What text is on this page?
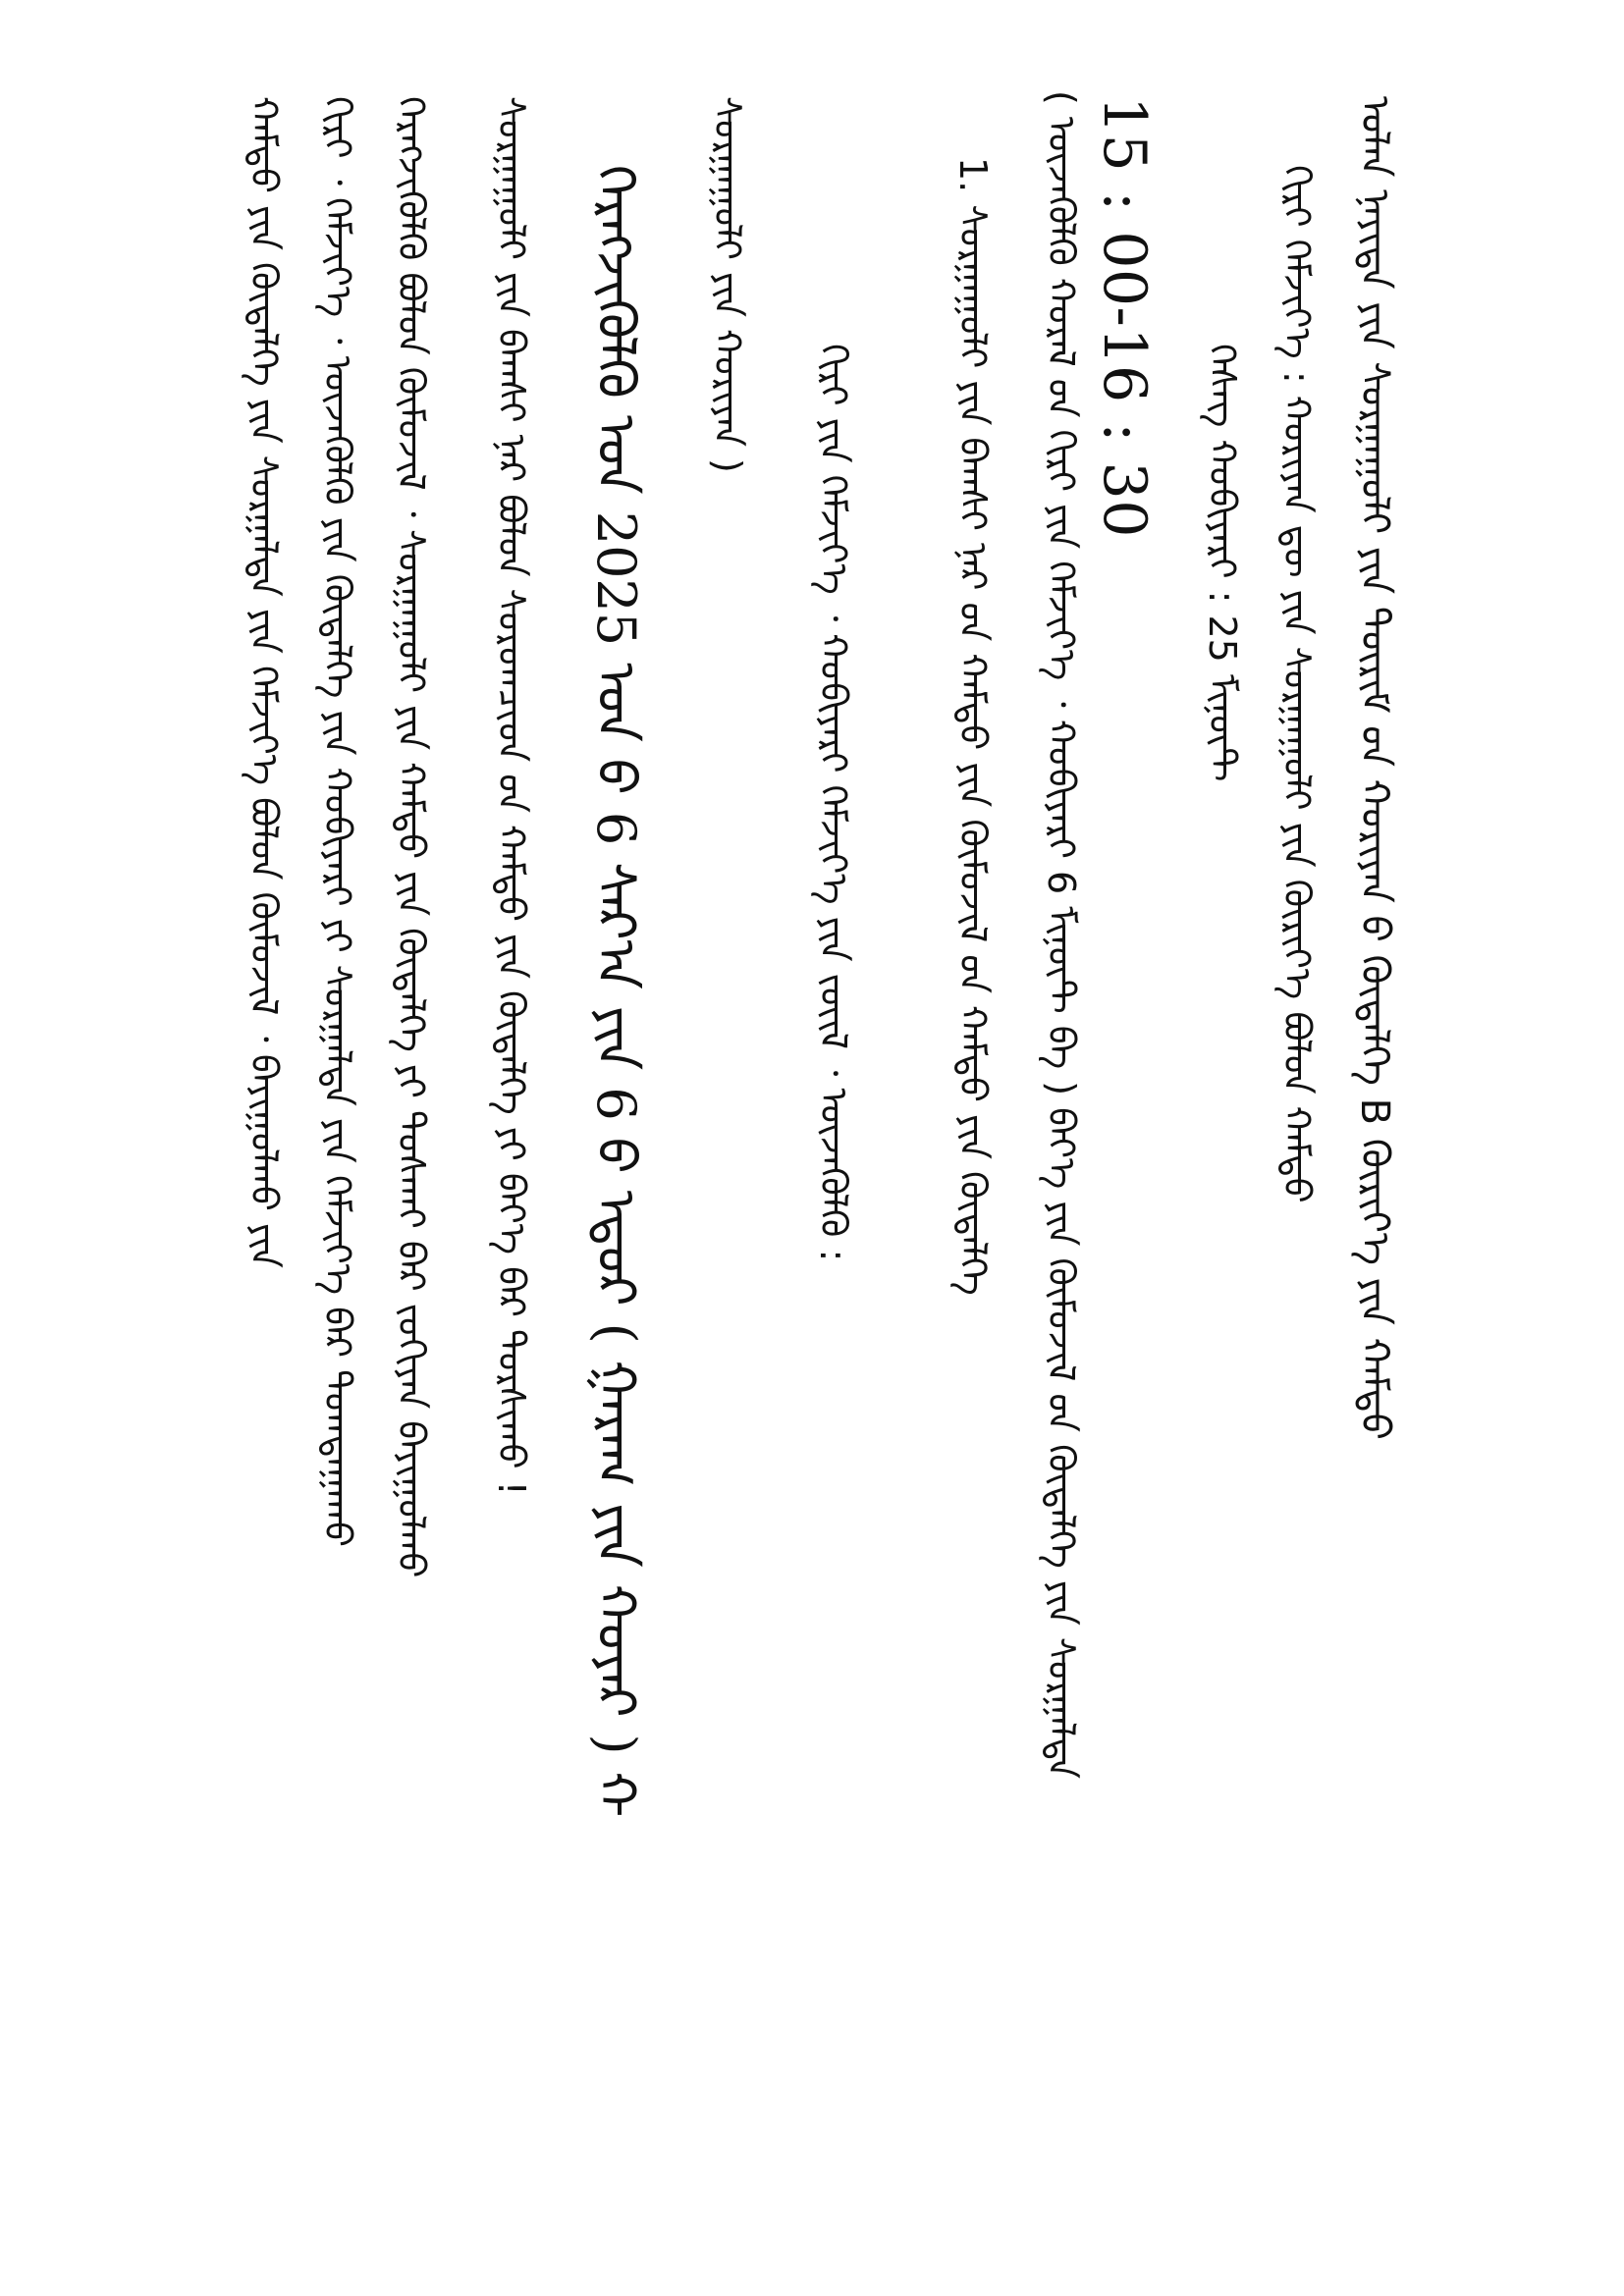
ᠣᠯᠠᠨ ᠨᠡᠶᠢᠲᠡ ᠶᠢᠨ ᠰᠤᠷᠭᠠᠭᠤᠯᠢ ᠶᠢᠨ ᠳᠦᠷᠢᠮ ᠤ᠋ᠨ ᠬᠣᠷᠢᠶᠠᠨ ᠤ᠋ ᠬᠥᠳᠡᠯᠭᠡ B ᠬᠦᠷᠢᠶ᠎ᠡ ᠶᠢᠨ ᠬᠠᠮᠲᠤ
ᠬᠢᠷᠢ ᠬᠡᠮᠵᠢᠶ᠎ᠡ : ᠬᠣᠷᠢᠶᠠᠨ ᠳᠦ ᠶᠢᠨ ᠰᠤᠷᠭᠠᠭᠤᠯᠢ ᠶᠢᠨ ᠬᠦᠷᠢᠶ᠎ᠡ ᠪᠣᠯᠤᠨ ᠬᠠᠮᠲᠤ
ᠬᠡᠰᠡᠭ ᠬᠤᠪᠢᠶᠠᠷᠢ : 25 ᠮᠢᠨᠦ᠋ᠲ
15 : 00-16 : 30
( ᠦᠵᠡᠭᠦᠯᠬᠦ ᠬᠤᠷᠠᠯ ᠤ᠋ᠨ ᠬᠢᠷᠢ ᠶᠢᠨ ᠬᠡᠮᠵᠢᠶ᠎ᠡ ᠂ ᠬᠤᠪᠢᠶᠠᠷᠢ 6 ᠮᠢᠨᠦ᠋ᠲ ᠪᠠ ) ᠪᠡᠶ᠎ᠡ ᠶᠢᠨ ᠬᠦᠮᠦᠵᠢᠯ ᠦ᠋ᠨ ᠬᠥᠳᠡᠯᠭᠡ ᠶᠢᠨ ᠰᠤᠷᠭᠠᠯᠲᠠ
1. ᠰᠤᠷᠭᠠᠭᠤᠯᠢ ᠶᠢᠨ ᠪᠠᠭᠰᠢ ᠨᠠᠷ ᠤ᠋ᠨ ᠬᠠᠮᠲᠤ ᠶᠢᠨ ᠬᠦᠮᠦᠵᠢᠯ ᠤ᠋ᠨ ᠬᠠᠮᠲᠤ ᠶᠢᠨ ᠬᠥᠳᠡᠯᠭᠡ
ᠬᠢᠷᠢ ᠶᠢᠨ ᠬᠡᠮᠵᠢᠶ᠎ᠡ ᠂ ᠬᠤᠪᠢᠶᠠᠷᠢ ᠬᠡᠮᠵᠢᠶ᠎ᠡ ᠶᠢᠨ ᠵᠦᠢᠯ ᠂ ᠦᠵᠡᠭᠦᠯᠬᠦ :
ᠰᠤᠷᠭᠠᠭᠤᠯᠢ ᠶᠢᠨ ᠬᠣᠷᠢᠶᠠᠨ )
ᠬᠡᠷᠡᠭᠵᠢᠭᠦᠯᠬᠦ ᠣᠨ 2025 ᠣᠨ ᠤ᠋ 6 ᠰᠠᠷ᠎ᠠ ᠶᠢᠨ 6 ᠤ᠋ ᠡᠳᠦᠷ ( ᠭᠠᠷᠠᠭ ᠶᠢᠨ ᠬᠣᠶᠠᠷ ) ᠬ
ᠰᠤᠷᠭᠠᠭᠤᠯᠢ ᠶᠢᠨ ᠪᠠᠭᠰᠢ ᠨᠠᠷ ᠪᠣᠯᠤᠨ ᠰᠤᠷᠤᠭᠴᠢᠳ ᠤ᠋ᠨ ᠬᠠᠮᠲᠤ ᠶᠢᠨ ᠬᠥᠳᠡᠯᠭᠡ ᠶᠢ ᠪᠡᠶ᠎ᠡ ᠪᠡᠷ ᠲᠤᠷᠰᠢᠬᠤ !
ᠬᠡᠷᠡᠭᠵᠢᠭᠦᠯᠬᠦ ᠪᠣᠯᠤᠨ ᠬᠦᠮᠦᠵᠢᠯ ᠂ ᠰᠤᠷᠭᠠᠭᠤᠯᠢ ᠶᠢᠨ ᠬᠠᠮᠲᠤ ᠶᠢᠨ ᠬᠥᠳᠡᠯᠭᠡ ᠶᠢ ᠲᠤᠰᠬᠠᠢ ᠪᠡᠷ ᠵᠣᠬᠢᠶᠠᠨ ᠪᠠᠶᠢᠭᠤᠯᠬᠤ
ᠬᠢᠷᠢ ᠂ ᠬᠡᠮᠵᠢᠶ᠎ᠡ ᠂ ᠦᠵᠡᠭᠦᠯᠬᠦ ᠶᠢᠨ ᠬᠥᠳᠡᠯᠭᠡ ᠶᠢᠨ ᠬᠤᠪᠢᠶᠠᠷᠢ ᠶᠢ ᠰᠤᠷᠭᠠᠯᠲᠠ ᠶᠢᠨ ᠬᠡᠮᠵᠢᠶ᠎ᠡ ᠪᠡᠷ ᠲᠣᠭᠲᠠᠭᠠᠬᠤ
ᠬᠠᠮᠲᠤ ᠶᠢᠨ ᠬᠥᠳᠡᠯᠭᠡ ᠶᠢᠨ ᠰᠤᠷᠭᠠᠯᠲᠠ ᠶᠢᠨ ᠬᠡᠮᠵᠢᠶ᠎ᠡ ᠪᠣᠯᠤᠨ ᠬᠦᠮᠦᠵᠢᠯ ᠂ ᠪᠠᠶᠢᠭᠤᠯᠬᠤ ᠶᠢᠨ
